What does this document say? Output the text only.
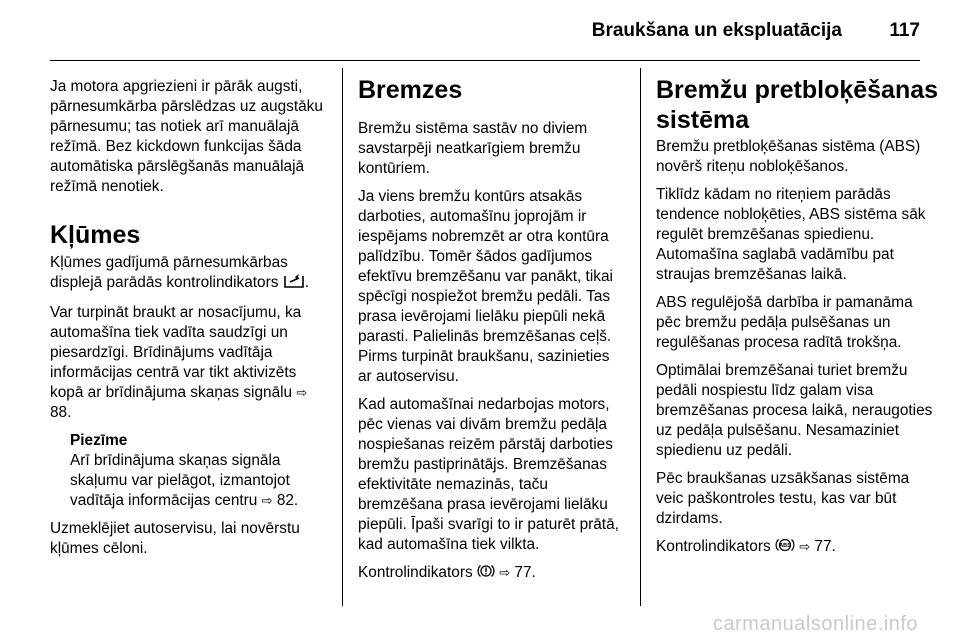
Braukšana un ekspluatācija 117

Ja motora apgriezieni ir pārāk augsti, pārnesumkārba pārslēdzas uz augstāku pārnesumu; tas notiek arī manuālajā režīmā. Bez kickdown funkcijas šāda automātiska pārslēgšanās manuālajā režīmā nenotiek.

Kļūmes

Kļūmes gadījumā pārnesumkārbas displejā parādās kontrolindikators .

Var turpināt braukt ar nosacījumu, ka automašīna tiek vadīta saudzīgi un piesardzīgi. Brīdinājums vadītāja informācijas centrā var tikt aktivizēts kopā ar brīdinājuma skaņas signālu ⇨ 88.

Piezīme
Arī brīdinājuma skaņas signāla skaļumu var pielāgot, izmantojot vadītāja informācijas centru ⇨ 82.

Uzmeklējiet autoservisu, lai novērstu kļūmes cēloni.

Bremzes

Bremžu sistēma sastāv no diviem savstarpēji neatkarīgiem bremžu kontūriem.

Ja viens bremžu kontūrs atsakās darboties, automašīnu joprojām ir iespējams nobremzēt ar otra kontūra palīdzību. Tomēr šādos gadījumos efektīvu bremzēšanu var panākt, tikai spēcīgi nospiežot bremžu pedāli. Tas prasa ievērojami lielāku piepūli nekā parasti. Palielinās bremzēšanas ceļš. Pirms turpināt braukšanu, sazinieties ar autoservisu.

Kad automašīnai nedarbojas motors, pēc vienas vai divām bremžu pedāļa nospiešanas reizēm pārstāj darboties bremžu pastiprinātājs. Bremzēšanas efektivitāte nemazinās, taču bremzēšana prasa ievērojami lielāku piepūli. Īpaši svarīgi to ir paturēt prātā, kad automašīna tiek vilkta.

Kontrolindikators ⇨ 77.

Bremžu pretbloķēšanas sistēma

Bremžu pretbloķēšanas sistēma (ABS) novērš riteņu nobloķēšanos.

Tiklīdz kādam no riteņiem parādās tendence nobloķēties, ABS sistēma sāk regulēt bremzēšanas spiedienu. Automašīna saglabā vadāmību pat straujas bremzēšanas laikā.

ABS regulējošā darbība ir pamanāma pēc bremžu pedāļa pulsēšanas un regulēšanas procesa radītā trokšņa.

Optimālai bremzēšanai turiet bremžu pedāli nospiestu līdz galam visa bremzēšanas procesa laikā, neraugoties uz pedāļa pulsēšanu. Nesamaziniet spiedienu uz pedāli.

Pēc braukšanas uzsākšanas sistēma veic paškontroles testu, kas var būt dzirdams.

Kontrolindikators ABS ⇨ 77.

carmanualsonline.info
